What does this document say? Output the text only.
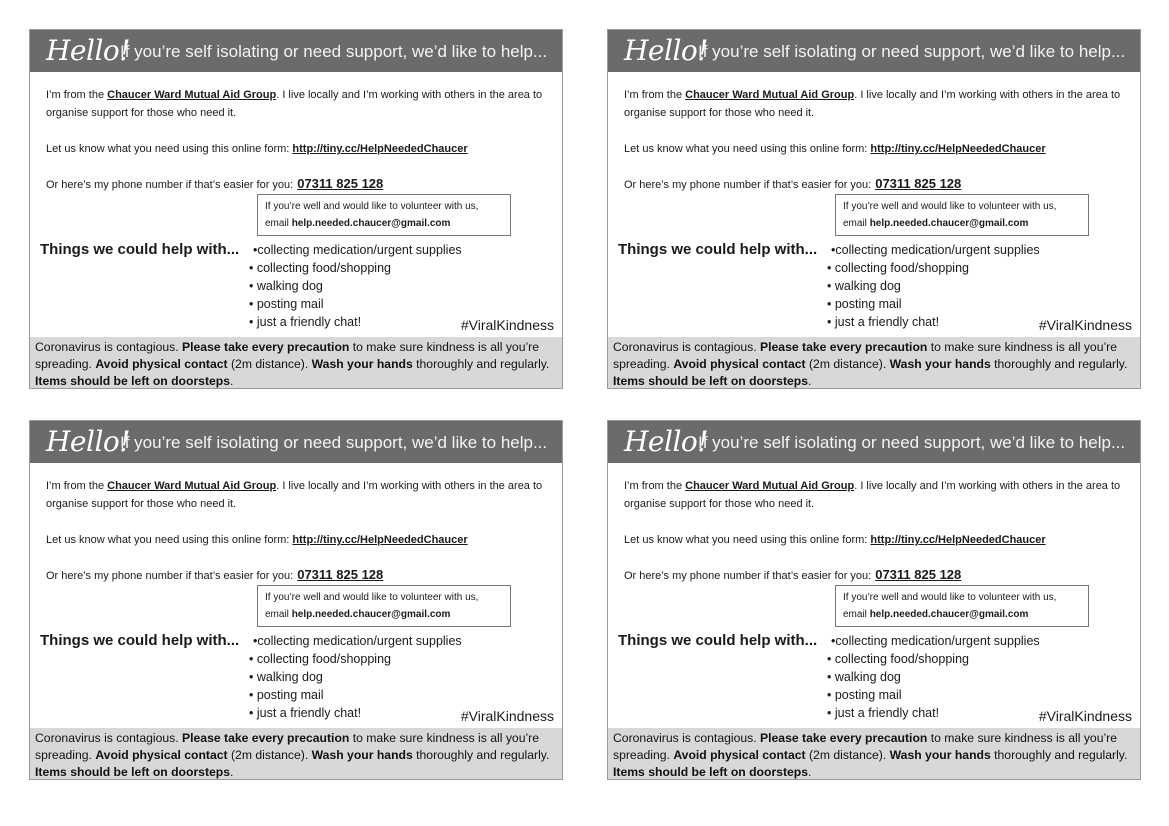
Hello!
If you’re self isolating or need support, we’d like to help...
I’m from the Chaucer Ward Mutual Aid Group. I live locally and I’m working with others in the area to organise support for those who need it.
Let us know what you need using this online form: http://tiny.cc/HelpNeededChaucer
Or here’s my phone number if that’s easier for you: 07311 825 128
If you’re well and would like to volunteer with us,
email help.needed.chaucer@gmail.com
Things we could help with... •collecting medication/urgent supplies
• collecting food/shopping
• walking dog
• posting mail
• just a friendly chat!	#ViralKindness
Coronavirus is contagious. Please take every precaution to make sure kindness is all you’re spreading. Avoid physical contact (2m distance). Wash your hands thoroughly and regularly. Items should be left on doorsteps.
Hello!
If you’re self isolating or need support, we’d like to help...
I’m from the Chaucer Ward Mutual Aid Group. I live locally and I’m working with others in the area to organise support for those who need it.
Let us know what you need using this online form: http://tiny.cc/HelpNeededChaucer
Or here’s my phone number if that’s easier for you: 07311 825 128
If you’re well and would like to volunteer with us,
email help.needed.chaucer@gmail.com
Things we could help with... •collecting medication/urgent supplies
• collecting food/shopping
• walking dog
• posting mail
• just a friendly chat!	#ViralKindness
Coronavirus is contagious. Please take every precaution to make sure kindness is all you’re spreading. Avoid physical contact (2m distance). Wash your hands thoroughly and regularly. Items should be left on doorsteps.
Hello!
If you’re self isolating or need support, we’d like to help...
I’m from the Chaucer Ward Mutual Aid Group. I live locally and I’m working with others in the area to organise support for those who need it.
Let us know what you need using this online form: http://tiny.cc/HelpNeededChaucer
Or here’s my phone number if that’s easier for you: 07311 825 128
If you’re well and would like to volunteer with us,
email help.needed.chaucer@gmail.com
Things we could help with... •collecting medication/urgent supplies
• collecting food/shopping
• walking dog
• posting mail
• just a friendly chat!	#ViralKindness
Coronavirus is contagious. Please take every precaution to make sure kindness is all you’re spreading. Avoid physical contact (2m distance). Wash your hands thoroughly and regularly. Items should be left on doorsteps.
Hello!
If you’re self isolating or need support, we’d like to help...
I’m from the Chaucer Ward Mutual Aid Group. I live locally and I’m working with others in the area to organise support for those who need it.
Let us know what you need using this online form: http://tiny.cc/HelpNeededChaucer
Or here’s my phone number if that’s easier for you: 07311 825 128
If you’re well and would like to volunteer with us,
email help.needed.chaucer@gmail.com
Things we could help with... •collecting medication/urgent supplies
• collecting food/shopping
• walking dog
• posting mail
• just a friendly chat!	#ViralKindness
Coronavirus is contagious. Please take every precaution to make sure kindness is all you’re spreading. Avoid physical contact (2m distance). Wash your hands thoroughly and regularly. Items should be left on doorsteps.
